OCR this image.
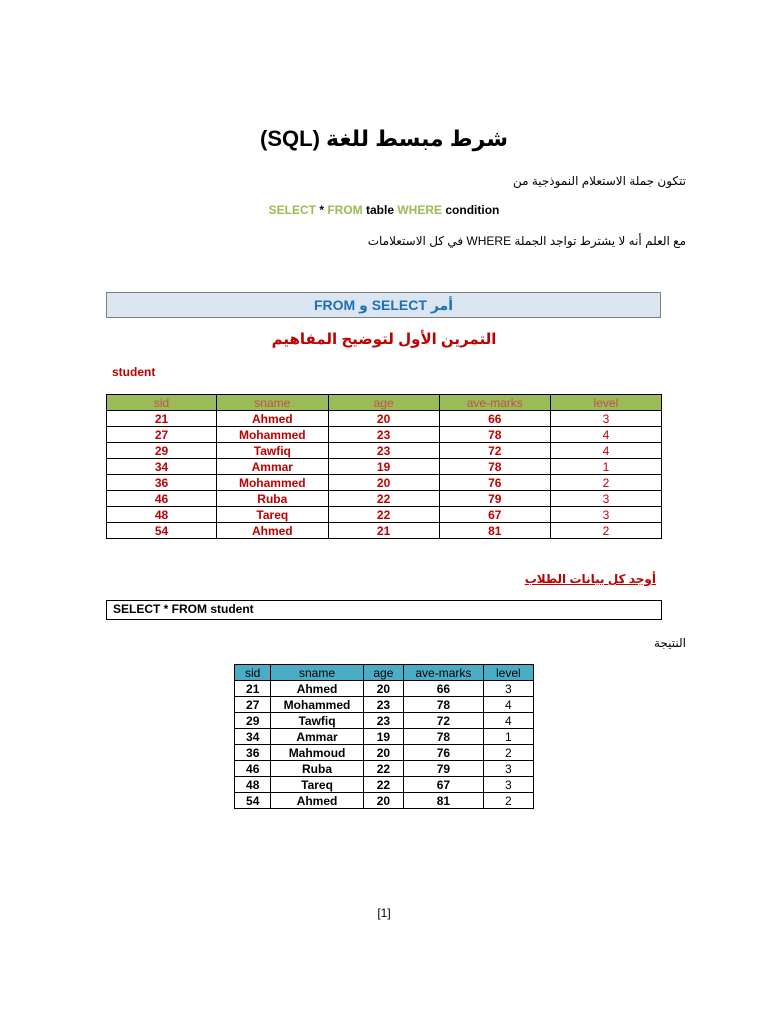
شرط مبسط للغة (SQL)
تتكون جملة الاستعلام النموذجية من
SELECT * FROM table WHERE condition
مع العلم أنه لا يشترط تواجد الجملة WHERE في كل الاستعلامات
أمر SELECT و FROM
التمرين الأول لتوضيح المفاهيم
student
sid	sname	age	ave-marks	level
21	Ahmed	20	66	3
27	Mohammed	23	78	4
29	Tawfiq	23	72	4
34	Ammar	19	78	1
36	Mohammed	20	76	2
46	Ruba	22	79	3
48	Tareq	22	67	3
54	Ahmed	21	81	2
أوجد كل بيانات الطلاب
SELECT * FROM student
النتيجة
sid	sname	age	ave-marks	level
21	Ahmed	20	66	3
27	Mohammed	23	78	4
29	Tawfiq	23	72	4
34	Ammar	19	78	1
36	Mahmoud	20	76	2
46	Ruba	22	79	3
48	Tareq	22	67	3
54	Ahmed	20	81	2
[1]
